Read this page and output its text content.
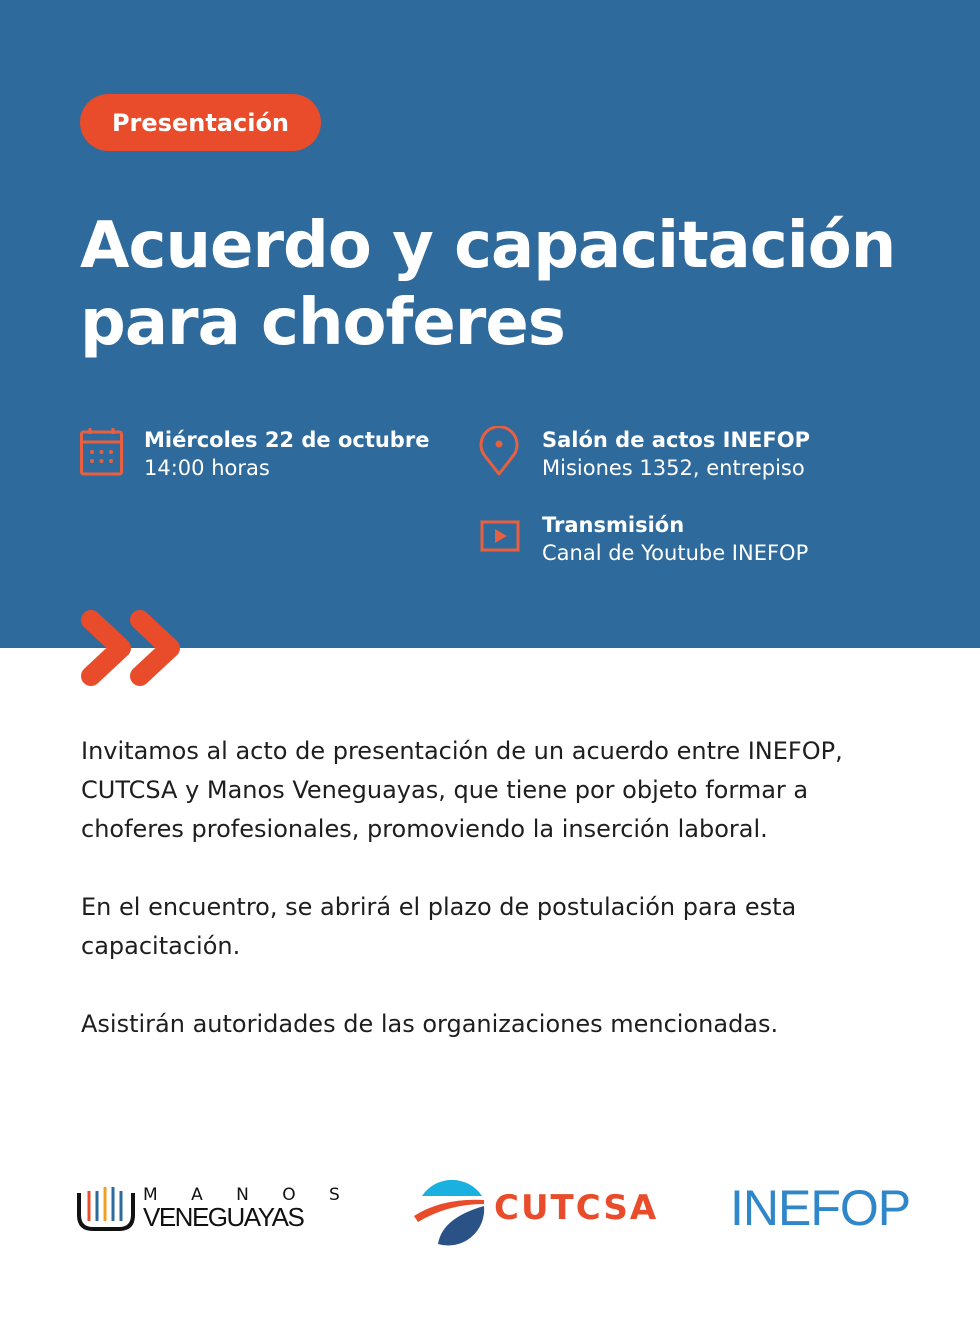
Presentación
Acuerdo y capacitación para choferes
Miércoles 22 de octubre
14:00 horas
Salón de actos INEFOP
Misiones 1352, entrepiso
Transmisión
Canal de Youtube INEFOP

Invitamos al acto de presentación de un acuerdo entre INEFOP, CUTCSA y Manos Veneguayas, que tiene por objeto formar a choferes profesionales, promoviendo la inserción laboral.

En el encuentro, se abrirá el plazo de postulación para esta capacitación.

Asistirán autoridades de las organizaciones mencionadas.

M A N O S
VENEGUAYAS	CUTCSA INEFOP
